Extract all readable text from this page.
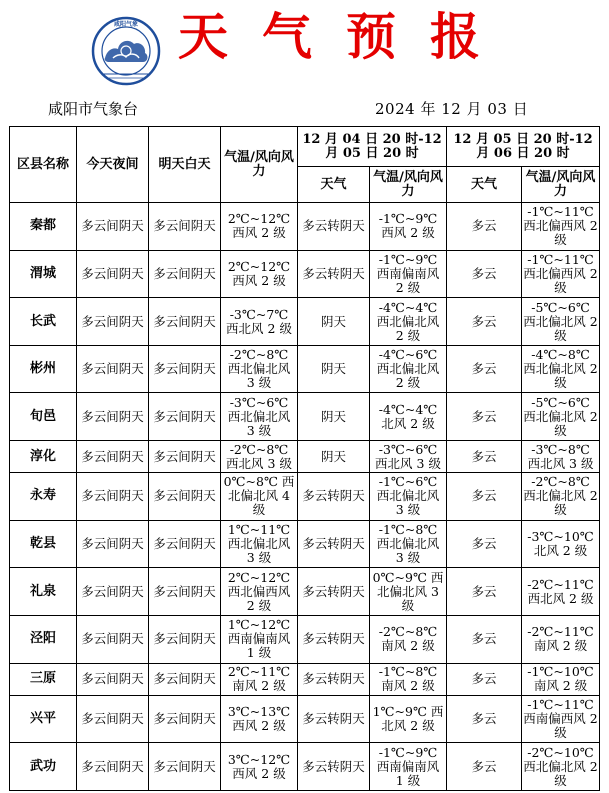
咸阳气象 天气预报
咸阳市气象台	2024 年 12 月 03 日
区县名称	今天夜间	明天白天	气温/风向风力	12 月 04 日 20 时-12 月 05 日 20 时		12 月 05 日 20 时-12 月 06 日 20 时	
				天气	气温/风向风力	天气	气温/风向风力
秦都	多云间阴天	多云间阴天	2℃~12℃ 西风 2 级	多云转阴天	-1℃~9℃ 西风 2 级	多云	-1℃~11℃ 西北偏西风 2 级
渭城	多云间阴天	多云间阴天	2℃~12℃ 西风 2 级	多云转阴天	-1℃~9℃ 西南偏南风 2 级	多云	-1℃~11℃ 西北偏西风 2 级
长武	多云间阴天	多云间阴天	-3℃~7℃ 西北风 2 级	阴天	-4℃~4℃ 西北偏北风 2 级	多云	-5℃~6℃ 西北偏北风 2 级
彬州	多云间阴天	多云间阴天	-2℃~8℃ 西北偏北风 3 级	阴天	-4℃~6℃ 西北偏北风 2 级	多云	-4℃~8℃ 西北偏北风 2 级
旬邑	多云间阴天	多云间阴天	-3℃~6℃ 西北偏北风 3 级	阴天	-4℃~4℃ 北风 2 级	多云	-5℃~6℃ 西北偏北风 2 级
淳化	多云间阴天	多云间阴天	-2℃~8℃ 西北风 3 级	阴天	-3℃~6℃ 西北风 3 级	多云	-3℃~8℃ 西北风 3 级
永寿	多云间阴天	多云间阴天	0℃~8℃ 西北偏北风 4 级	多云转阴天	-1℃~6℃ 西北偏北风 3 级	多云	-2℃~8℃ 西北偏北风 2 级
乾县	多云间阴天	多云间阴天	1℃~11℃ 西北偏北风 3 级	多云转阴天	-1℃~8℃ 西北偏北风 3 级	多云	-3℃~10℃ 北风 2 级
礼泉	多云间阴天	多云间阴天	2℃~12℃ 西北偏西风 2 级	多云转阴天	0℃~9℃ 西北偏北风 3 级	多云	-2℃~11℃ 西北风 2 级
泾阳	多云间阴天	多云间阴天	1℃~12℃ 西南偏南风 1 级	多云转阴天	-2℃~8℃ 南风 2 级	多云	-2℃~11℃ 南风 2 级
三原	多云间阴天	多云间阴天	2℃~11℃ 南风 2 级	多云转阴天	-1℃~8℃ 南风 2 级	多云	-1℃~10℃ 南风 2 级
兴平	多云间阴天	多云间阴天	3℃~13℃ 西风 2 级	多云转阴天	1℃~9℃ 西北风 2 级	多云	-1℃~11℃ 西南偏西风 2 级
武功	多云间阴天	多云间阴天	3℃~12℃ 西风 2 级	多云转阴天	-1℃~9℃ 西南偏南风 1 级	多云	-2℃~10℃ 西北偏北风 2 级
